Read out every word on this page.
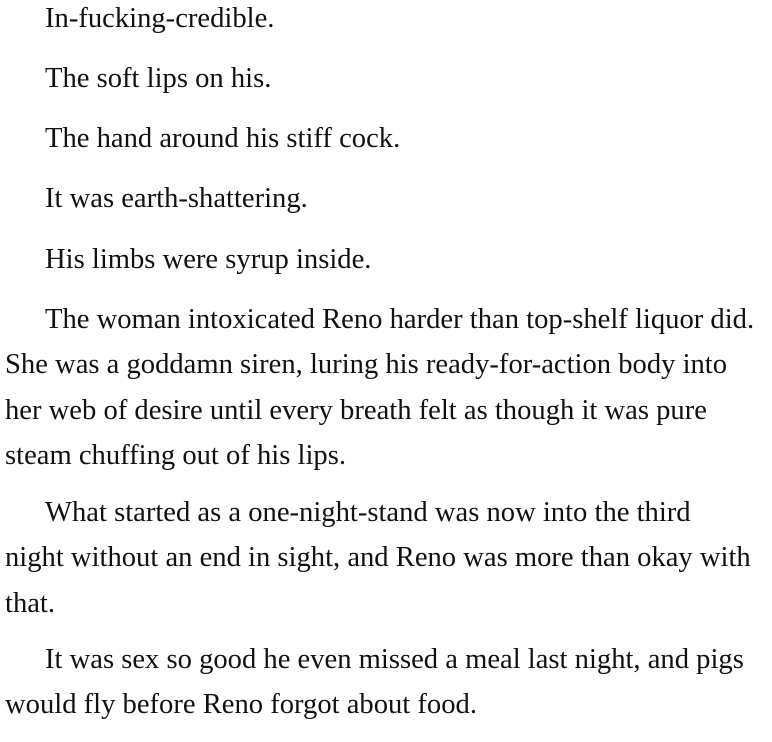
In-fucking-credible.

The soft lips on his.

The hand around his stiff cock.

It was earth-shattering.

His limbs were syrup inside.

The woman intoxicated Reno harder than top-shelf liquor did. She was a goddamn siren, luring his ready-for-action body into her web of desire until every breath felt as though it was pure steam chuffing out of his lips.

What started as a one-night-stand was now into the third night without an end in sight, and Reno was more than okay with that.

It was sex so good he even missed a meal last night, and pigs would fly before Reno forgot about food.
